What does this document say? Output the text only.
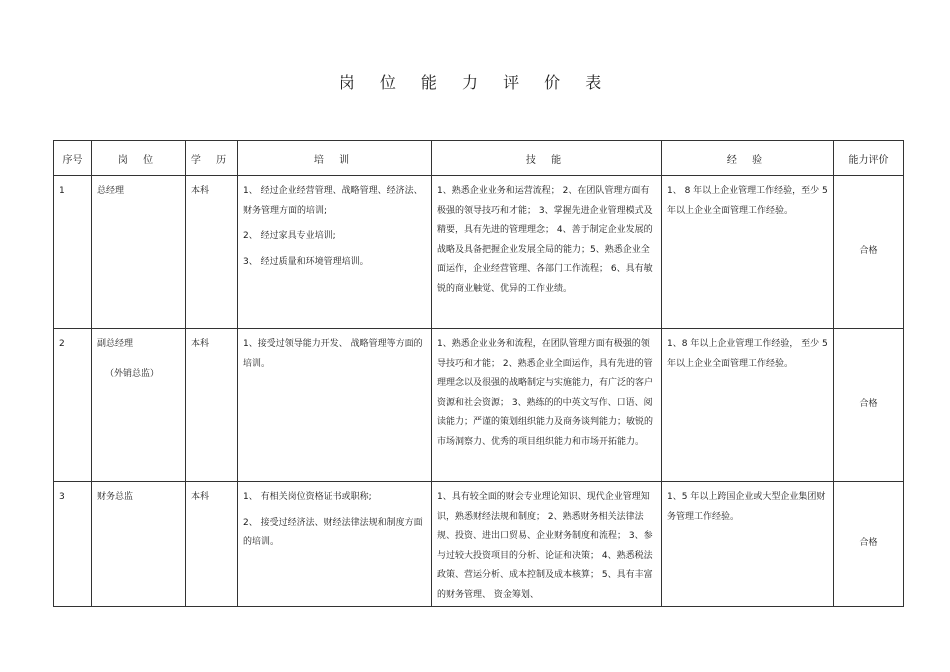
岗 位 能 力 评 价 表
序号	岗 位	学 历	培 训	技 能	经 验	能力评价
1	总经理	本科	1、 经过企业经营管理、战略管理、经济法、财务管理方面的培训;
2、 经过家具专业培训;
3、 经过质量和环境管理培训。	1、熟悉企业业务和运营流程； 2、在团队管理方面有极强的领导技巧和才能； 3、掌握先进企业管理模式及精要，具有先进的管理理念； 4、善于制定企业发展的战略及具备把握企业发展全局的能力；5、熟悉企业全面运作，企业经营管理、各部门工作流程； 6、具有敏锐的商业触觉、优异的工作业绩。	1、 8 年以上企业管理工作经验，至少 5 年以上企业全面管理工作经验。	合格
2	副总经理
（外销总监）	本科	1、接受过领导能力开发、 战略管理等方面的培训。	1、熟悉企业业务和流程，在团队管理方面有极强的领导技巧和才能； 2、熟悉企业全面运作，具有先进的管理理念以及很强的战略制定与实施能力，有广泛的客户资源和社会资源； 3、熟练的的中英文写作、口语、阅读能力；严谨的策划组织能力及商务谈判能力；敏锐的市场洞察力、优秀的项目组织能力和市场开拓能力。	1、8 年以上企业管理工作经验， 至少 5 年以上企业全面管理工作经验。	合格
3	财务总监	本科	1、 有相关岗位资格证书或职称;
2、 接受过经济法、财经法律法规和制度方面的培训。	1、具有较全面的财会专业理论知识、现代企业管理知识，熟悉财经法规和制度； 2、熟悉财务相关法律法规、投资、进出口贸易、企业财务制度和流程； 3、参与过较大投资项目的分析、论证和决策； 4、熟悉税法政策、营运分析、成本控制及成本核算； 5、具有丰富的财务管理、 资金筹划、	1、5 年以上跨国企业或大型企业集团财务管理工作经验。	合格
